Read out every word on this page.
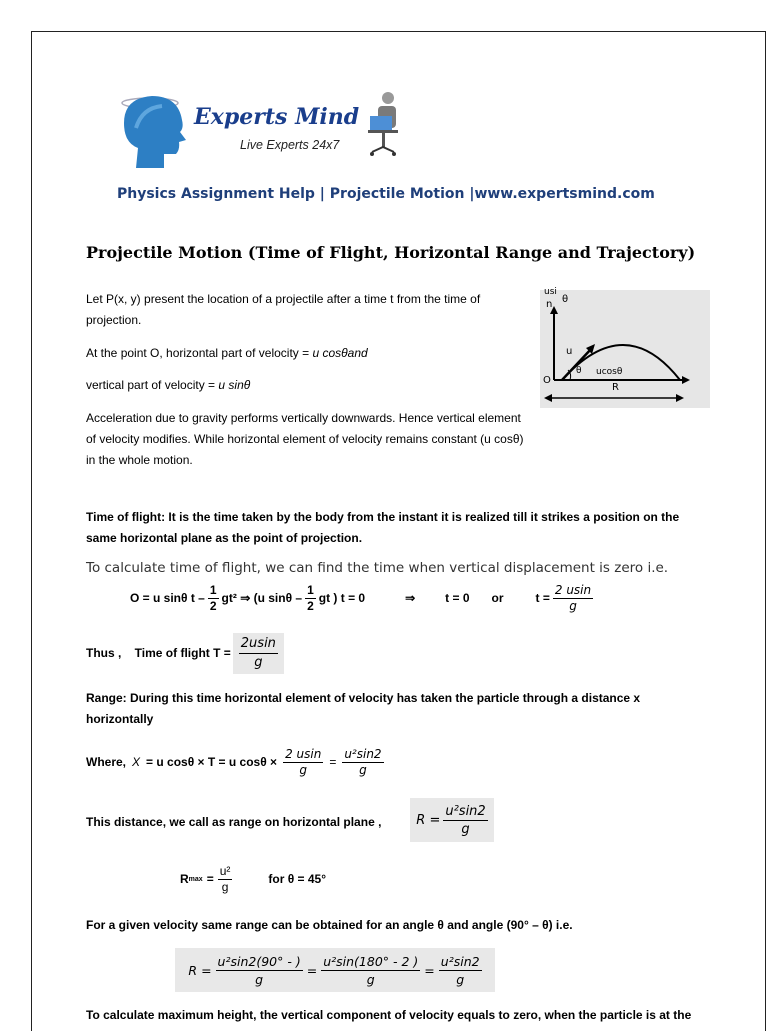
Experts Mind
Live Experts 24x7
Physics Assignment Help | Projectile Motion |www.expertsmind.com
Projectile Motion (Time of Flight, Horizontal Range and Trajectory)
Let P(x, y) present the location of a projectile after a time t from the time of projection.
At the point O, horizontal part of velocity = u cosθand
vertical part of velocity = u sinθ
Acceleration due to gravity performs vertically downwards. Hence vertical element of velocity modifies. While horizontal element of velocity remains constant (u cosθ) in the whole motion.
usi
n θ
u
θ ucosθ
O
R
Time of flight: It is the time taken by the body from the instant it is realized till it strikes a position on the same horizontal plane as the point of projection.
To calculate time of flight, we can find the time when vertical displacement is zero i.e.
O = u sinθ t – $\frac{1}{2} gt^2$ ⇒ (u sinθ – $\frac{1}{2}$ gt ) t = 0	⇒	t = 0 or	$t = \frac{2 usin}{g}$
Thus ,    Time of flight $T = \frac{2usin}{g}$
Range: During this time horizontal element of velocity has taken the particle through a distance x horizontally
Where, X = u cosθ × T = u $\cos\theta \times \frac{2 usin}{g} = \frac{\text{u²sin2}}{g}$
This distance, we call as range on horizontal plane ,	$R = \frac{\text{u²sin2}}{g}$
R $\max = \frac{\text{u²}}{g}$	for θ = 45°
For a given velocity same range can be obtained for an angle θ and angle (90° – θ) i.e.
$R = \frac{\text{u²sin2(90° - )}}{g} = \frac{\text{u²sin(180° - 2 )}}{g} = \frac{\text{u²sin2}}{g}$
To calculate maximum height, the vertical component of velocity equals to zero, when the particle is at the
